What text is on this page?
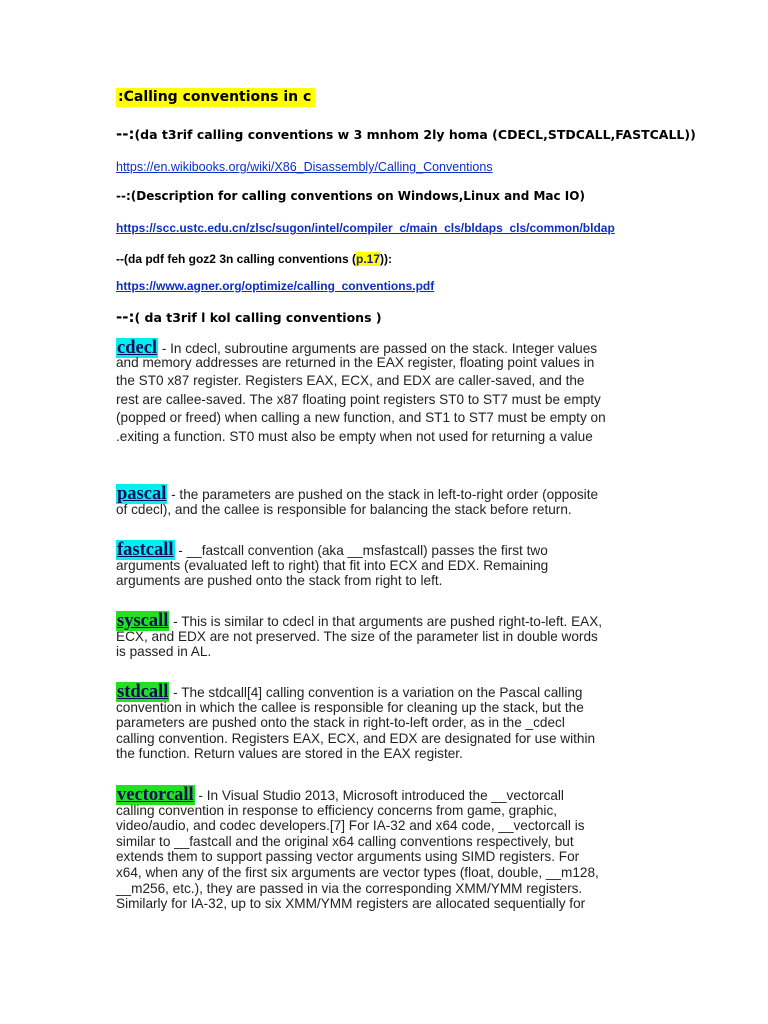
:Calling conventions in c
--:(da t3rif calling conventions w 3 mnhom 2ly homa (CDECL,STDCALL,FASTCALL))
https://en.wikibooks.org/wiki/X86_Disassembly/Calling_Conventions
--:(Description for calling conventions on Windows,Linux and Mac IO)
https://scc.ustc.edu.cn/zlsc/sugon/intel/compiler_c/main_cls/bldaps_cls/common/bldap
--(da pdf feh goz2 3n calling conventions (p.17)):
https://www.agner.org/optimize/calling_conventions.pdf
--:( da t3rif l kol calling conventions )
cdecl - In cdecl, subroutine arguments are passed on the stack. Integer values
and memory addresses are returned in the EAX register, floating point values in
the ST0 x87 register. Registers EAX, ECX, and EDX are caller-saved, and the
rest are callee-saved. The x87 floating point registers ST0 to ST7 must be empty
(popped or freed) when calling a new function, and ST1 to ST7 must be empty on
.exiting a function. ST0 must also be empty when not used for returning a value
pascal - the parameters are pushed on the stack in left-to-right order (opposite
of cdecl), and the callee is responsible for balancing the stack before return.
fastcall - __fastcall convention (aka __msfastcall) passes the first two
arguments (evaluated left to right) that fit into ECX and EDX. Remaining
arguments are pushed onto the stack from right to left.
syscall - This is similar to cdecl in that arguments are pushed right-to-left. EAX,
ECX, and EDX are not preserved. The size of the parameter list in double words
is passed in AL.
stdcall - The stdcall[4] calling convention is a variation on the Pascal calling
convention in which the callee is responsible for cleaning up the stack, but the
parameters are pushed onto the stack in right-to-left order, as in the _cdecl
calling convention. Registers EAX, ECX, and EDX are designated for use within
the function. Return values are stored in the EAX register.
vectorcall - In Visual Studio 2013, Microsoft introduced the __vectorcall
calling convention in response to efficiency concerns from game, graphic,
video/audio, and codec developers.[7] For IA-32 and x64 code, __vectorcall is
similar to __fastcall and the original x64 calling conventions respectively, but
extends them to support passing vector arguments using SIMD registers. For
x64, when any of the first six arguments are vector types (float, double, __m128,
__m256, etc.), they are passed in via the corresponding XMM/YMM registers.
Similarly for IA-32, up to six XMM/YMM registers are allocated sequentially for
